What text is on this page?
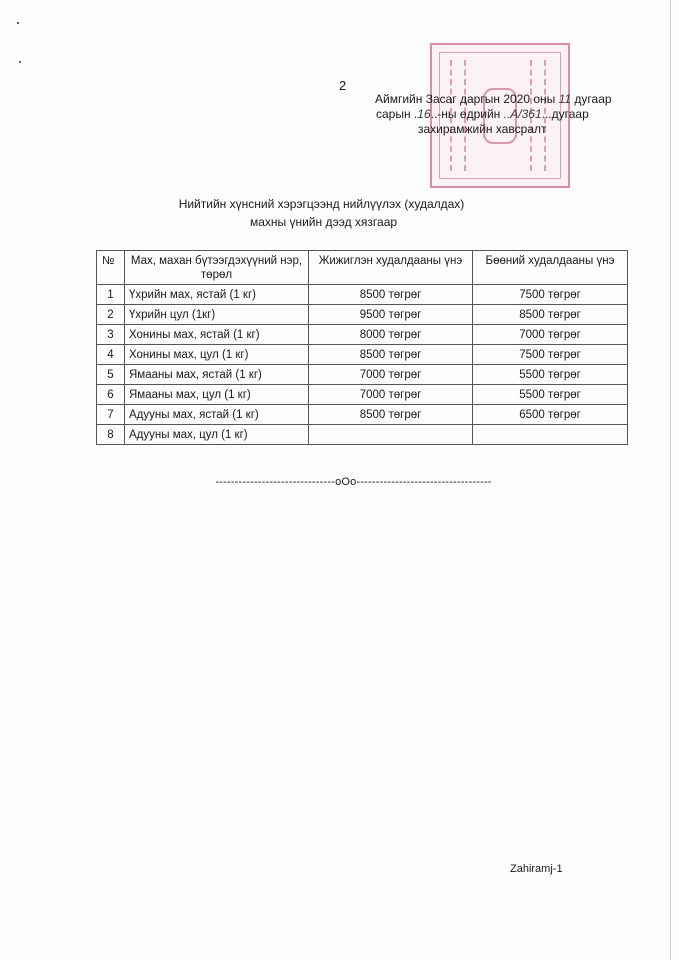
2
Аймгийн Засаг даргын 2020 оны 11 дугаар
сарын .16..-ны өдрийн ..А/361...дугаар
захирамжийн хавсралт
Нийтийн хүнсний хэрэгцээнд нийлүүлэх (худалдах)
махны үнийн дээд хязгаар
№	Мах, махан бүтээгдэхүүний нэр, төрөл	Жижиглэн худалдааны үнэ	Бөөний худалдааны үнэ
1	Үхрийн мах, ястай (1 кг)	8500 төгрөг	7500 төгрөг
2	Үхрийн цул (1кг)	9500 төгрөг	8500 төгрөг
3	Хонины мах, ястай (1 кг)	8000 төгрөг	7000 төгрөг
4	Хонины мах, цул (1 кг)	8500 төгрөг	7500 төгрөг
5	Ямааны мах, ястай (1 кг)	7000 төгрөг	5500 төгрөг
6	Ямааны мах, цул (1 кг)	7000 төгрөг	5500 төгрөг
7	Адууны мах, ястай (1 кг)	8500 төгрөг	6500 төгрөг
8	Адууны мах, цул (1 кг)		
-------------------------------оОо-----------------------------------
Zahiramj-1
